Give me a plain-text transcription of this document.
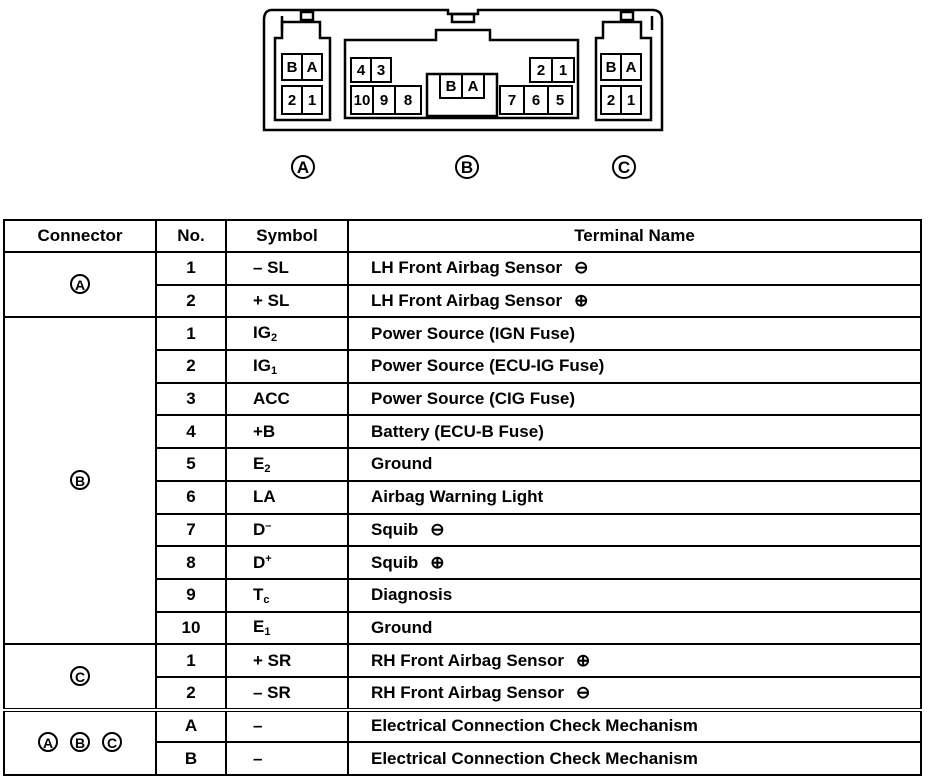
B A
2 1
4 3
10 9 8
B A
2 1
7 6 5
B A
2 1
A	B	C
Connector	No.	Symbol	Terminal Name
A	1	– SL	LH Front Airbag Sensor ⊖
	2	+ SL	LH Front Airbag Sensor ⊕
B	1	$IG_2$	Power Source (IGN Fuse)
	2	$IG_1$	Power Source (ECU-IG Fuse)
	3	ACC	Power Source (CIG Fuse)
	4	+B	Battery (ECU-B Fuse)
	5	$E_2$	Ground
	6	LA	Airbag Warning Light
	7	D–	Squib ⊖
	8	D+	Squib ⊕
	9	$T_c$	Diagnosis
	10	$E_1$	Ground
C	1	+ SR	RH Front Airbag Sensor ⊕
	2	– SR	RH Front Airbag Sensor ⊖
A B C	A	–	Electrical Connection Check Mechanism
	B	–	Electrical Connection Check Mechanism
